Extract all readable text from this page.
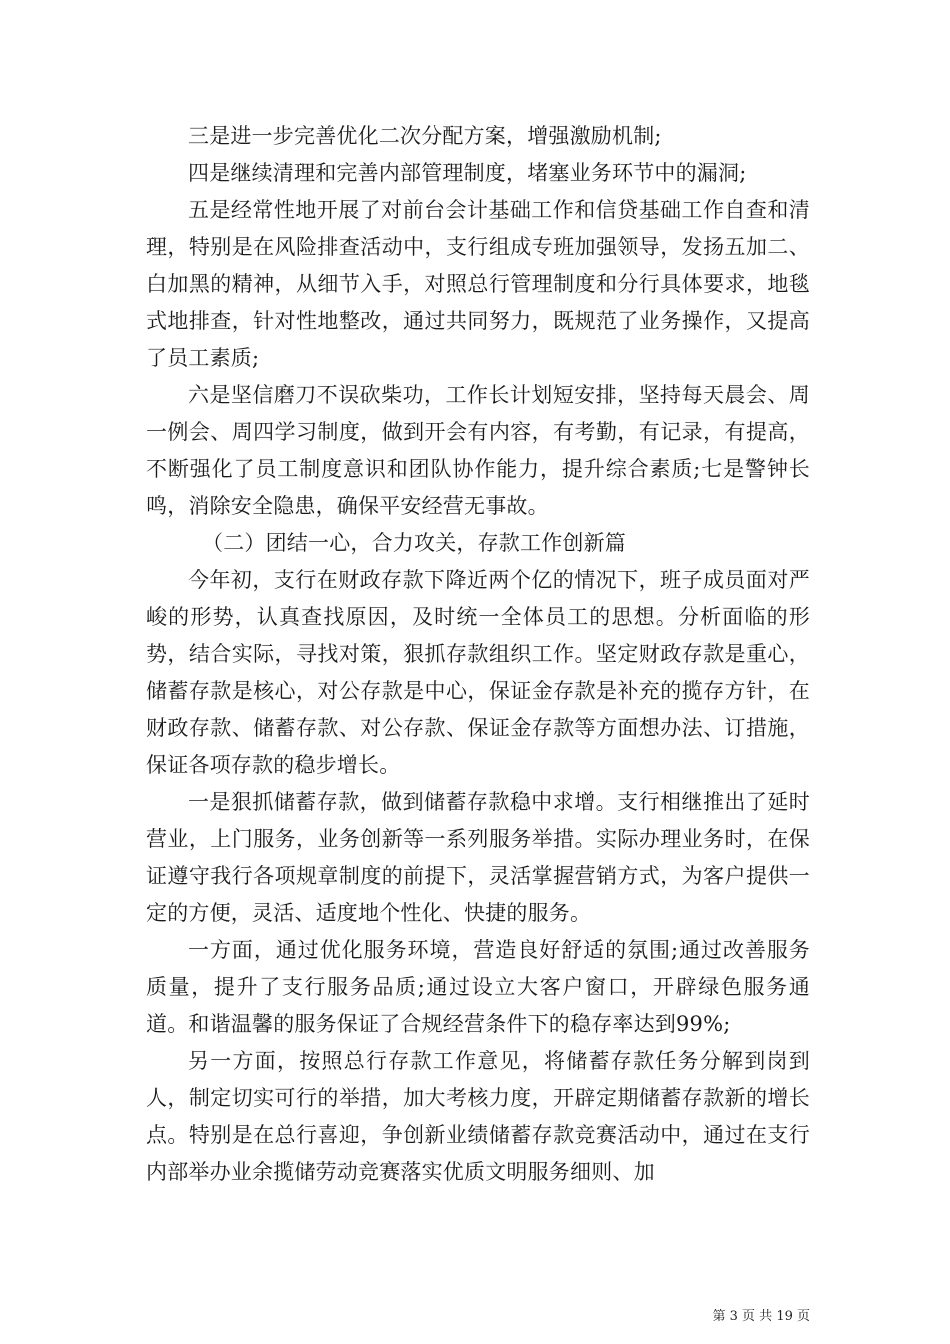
三是进一步完善优化二次分配方案，增强激励机制;

四是继续清理和完善内部管理制度，堵塞业务环节中的漏洞;

五是经常性地开展了对前台会计基础工作和信贷基础工作自查和清理，特别是在风险排查活动中，支行组成专班加强领导，发扬五加二、白加黑的精神，从细节入手，对照总行管理制度和分行具体要求，地毯式地排查，针对性地整改，通过共同努力，既规范了业务操作，又提高了员工素质;

六是坚信磨刀不误砍柴功，工作长计划短安排，坚持每天晨会、周一例会、周四学习制度，做到开会有内容，有考勤，有记录，有提高，不断强化了员工制度意识和团队协作能力，提升综合素质;七是警钟长鸣，消除安全隐患，确保平安经营无事故。

（二）团结一心，合力攻关，存款工作创新篇

今年初，支行在财政存款下降近两个亿的情况下，班子成员面对严峻的形势，认真查找原因，及时统一全体员工的思想。分析面临的形势，结合实际，寻找对策，狠抓存款组织工作。坚定财政存款是重心，储蓄存款是核心，对公存款是中心，保证金存款是补充的揽存方针，在财政存款、储蓄存款、对公存款、保证金存款等方面想办法、订措施，保证各项存款的稳步增长。

一是狠抓储蓄存款，做到储蓄存款稳中求增。支行相继推出了延时营业，上门服务，业务创新等一系列服务举措。实际办理业务时，在保证遵守我行各项规章制度的前提下，灵活掌握营销方式，为客户提供一定的方便，灵活、适度地个性化、快捷的服务。

一方面，通过优化服务环境，营造良好舒适的氛围;通过改善服务质量，提升了支行服务品质;通过设立大客户窗口，开辟绿色服务通道。和谐温馨的服务保证了合规经营条件下的稳存率达到99%;

另一方面，按照总行存款工作意见，将储蓄存款任务分解到岗到人，制定切实可行的举措，加大考核力度，开辟定期储蓄存款新的增长点。特别是在总行喜迎，争创新业绩储蓄存款竞赛活动中，通过在支行内部举办业余揽储劳动竞赛落实优质文明服务细则、加

第 3 页 共 19 页
